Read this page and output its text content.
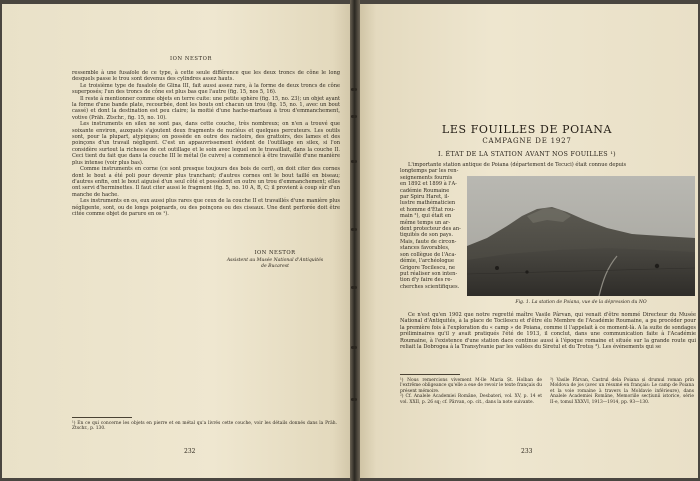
ION NESTOR

ressemble à une fusaïole de ce type, à cette seule différence que les deux troncs de cône le long desquels passe le trou sont devenus des cylindres assez hauts.

Le troisième type de fusaïole de Glina III, fait aussi assez rare, à la forme de deux troncs de cône superposés; l'un des troncs de cône est plus bas que l'autre (fig. 15, nos 5, 16).

Il reste à mentionner comme objets en terre cuite: une petite sphère (fig. 15, no. 23); un objet ayant la forme d'une bande plate, recourbée, dont les bouts ont chacun un trou (fig. 15, no. 1, avec un bout cassé) et dont la destination est peu claire; la moitié d'une hache-marteau à trou d'emmanchement, votive (Präh. Ztschr., fig. 15, no. 10).

Les instruments en silex ne sont pas, dans cette couche, très nombreux; on n'en a trouvé que soixante environ, auxquels s'ajoutent deux fragments de nucléus et quelques percuteurs. Les outils sont, pour la plupart, atypiques; on possède en outre des racloirs, des grattoirs, des lames et des poinçons d'un travail négligent. C'est un appauvrissement évident de l'outillage en silex, si l'on considère surtout la richesse de cet outillage et le soin avec lequel on le travaillait, dans la couche II. Ceci tient du fait que dans la couche III le métal (le cuivre) a commencé à être travaillé d'une manière plus intense (voir plus bas).

Comme instruments en corne (ce sont presque toujours des bois de cerf), on doit citer des cornes dont le bout a été poli pour devenir plus tranchant; d'autres cornes ont le bout taillé en biseau; d'autres enfin, ont le bout aiguisé d'un seul côté et possèdent en outre un trou d'emmanchement; elles ont servi d'herminettes. Il faut citer aussi le fragment (fig. 5, no. 10 A, B, C; il provient à coup sûr d'un manche de hache.

Les instruments en os, eux aussi plus rares que ceux de la couche II et travaillés d'une manière plus négligente, sont, ou de longs poignards, ou des poinçons ou des ciseaux. Une dent perforée doit être citée comme objet de parure en os ¹).

ION NESTOR
Assistent au Musée National d'Antiquités
de Bucarest
¹) En ce qui concerne les objets en pierre et en métal qu'a livrés cette couche, voir les détails donnés dans la Präh. Ztschr., p. 130.
232
LES FOUILLES DE POIANA
CAMPAGNE DE 1927
I. ÉTAT DE LA STATION AVANT NOS FOUILLES ¹)
L'importante station antique de Poiana (département de Tecuci) était connue depuis
longtemps par les ren-
seignements fournis
en 1892 et 1899 à l'A-
cadémie Roumaine
par Spiru Haret, il-
lustre mathématicien
et homme d'État rou-
main ²), qui était en
même temps un ar-
dent protecteur des an-
tiquités de son pays.
Mais, faute de circon-
stances favorables,
son collègue de l'Aca-
démie, l'archéologue
Grigore Tocilescu, ne
put réaliser son inten-
tion d'y faire des re-
cherches scientifiques.
Fig. 1. La station de Poiana, vue de la dépression du NO

Ce n'est qu'en 1902 que notre regretté maître Vasile Pârvan, qui venait d'être nommé Directeur du Musée National d'Antiquités, à la place de Tocilescu et d'être élu Membre de l'Académie Roumaine, a pu procéder pour la première fois à l'exploration du « camp » de Poiana, comme il l'appelait à ce moment-là. A la suite de sondages préliminaires qu'il y avait pratiqués l'été de 1913, il conclut, dans une communication faite à l'Académie Roumaine, à l'existence d'une station dace continue aussi à l'époque romaine et située sur la grande route qui reliait la Dobrogea à la Transylvanie par les vallées du Siretul et du Trotuș ³). Les événements qui se

¹) Nous remercions vivement M-lle Maria Șt. Holban de l'extrême obligeance qu'elle a eue de revoir le texte français du présent mémoire.
²) Cf. Analele Academiei Române, Desbateri, vol. XV, p. 14 et vol. XXII, p. 26 sq; cf. Pârvan, op. cit., dans la note suivante.
³) Vasile Pârvan, Castrul dela Poiana și drumul roman prin Moldova de jos (avec un résumé en français: Le camp de Poiana et la voie romaine à travers la Moldavie inférieure), dans Analele Academiei Române, Memoriile secțiunii istorice, série II-e, tomul XXXVI, 1913—1914, pp. 93—130.
233
